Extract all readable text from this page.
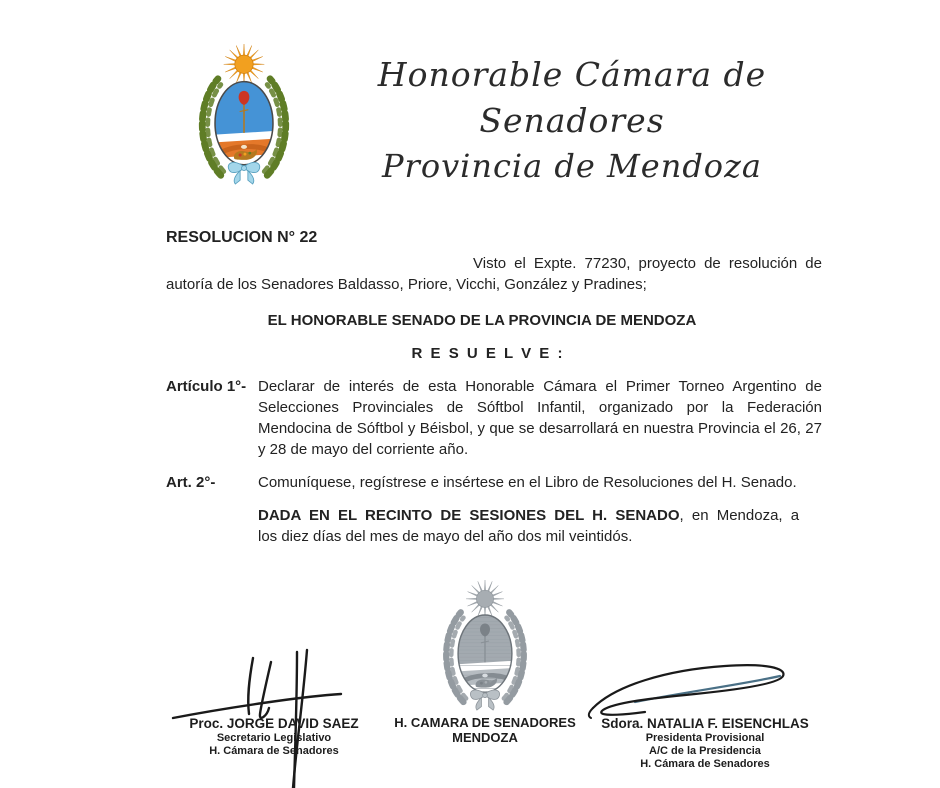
Honorable Cámara de Senadores
Provincia de Mendoza
RESOLUCION N° 22

Visto el Expte. 77230, proyecto de resolución de autoría de los Senadores Baldasso, Priore, Vicchi, González y Pradines;

EL HONORABLE SENADO DE LA PROVINCIA DE MENDOZA
R E S U E L V E :
Artículo 1°- Declarar de interés de esta Honorable Cámara el Primer Torneo Argentino de Selecciones Provinciales de Sóftbol Infantil, organizado por la Federación Mendocina de Sóftbol y Béisbol, y que se desarrollará en nuestra Provincia el 26, 27 y 28 de mayo del corriente año.
Art. 2°-	Comuníquese, regístrese e insértese en el Libro de Resoluciones del H. Senado.
DADA EN EL RECINTO DE SESIONES DEL H. SENADO, en Mendoza, a
los diez días del mes de mayo del año dos mil veintidós.
Proc. JORGE DAVID SAEZ
Secretario Legislativo
H. Cámara de Senadores
H. CAMARA DE SENADORES
MENDOZA
Sdora. NATALIA F. EISENCHLAS
Presidenta Provisional
A/C de la Presidencia
H. Cámara de Senadores
